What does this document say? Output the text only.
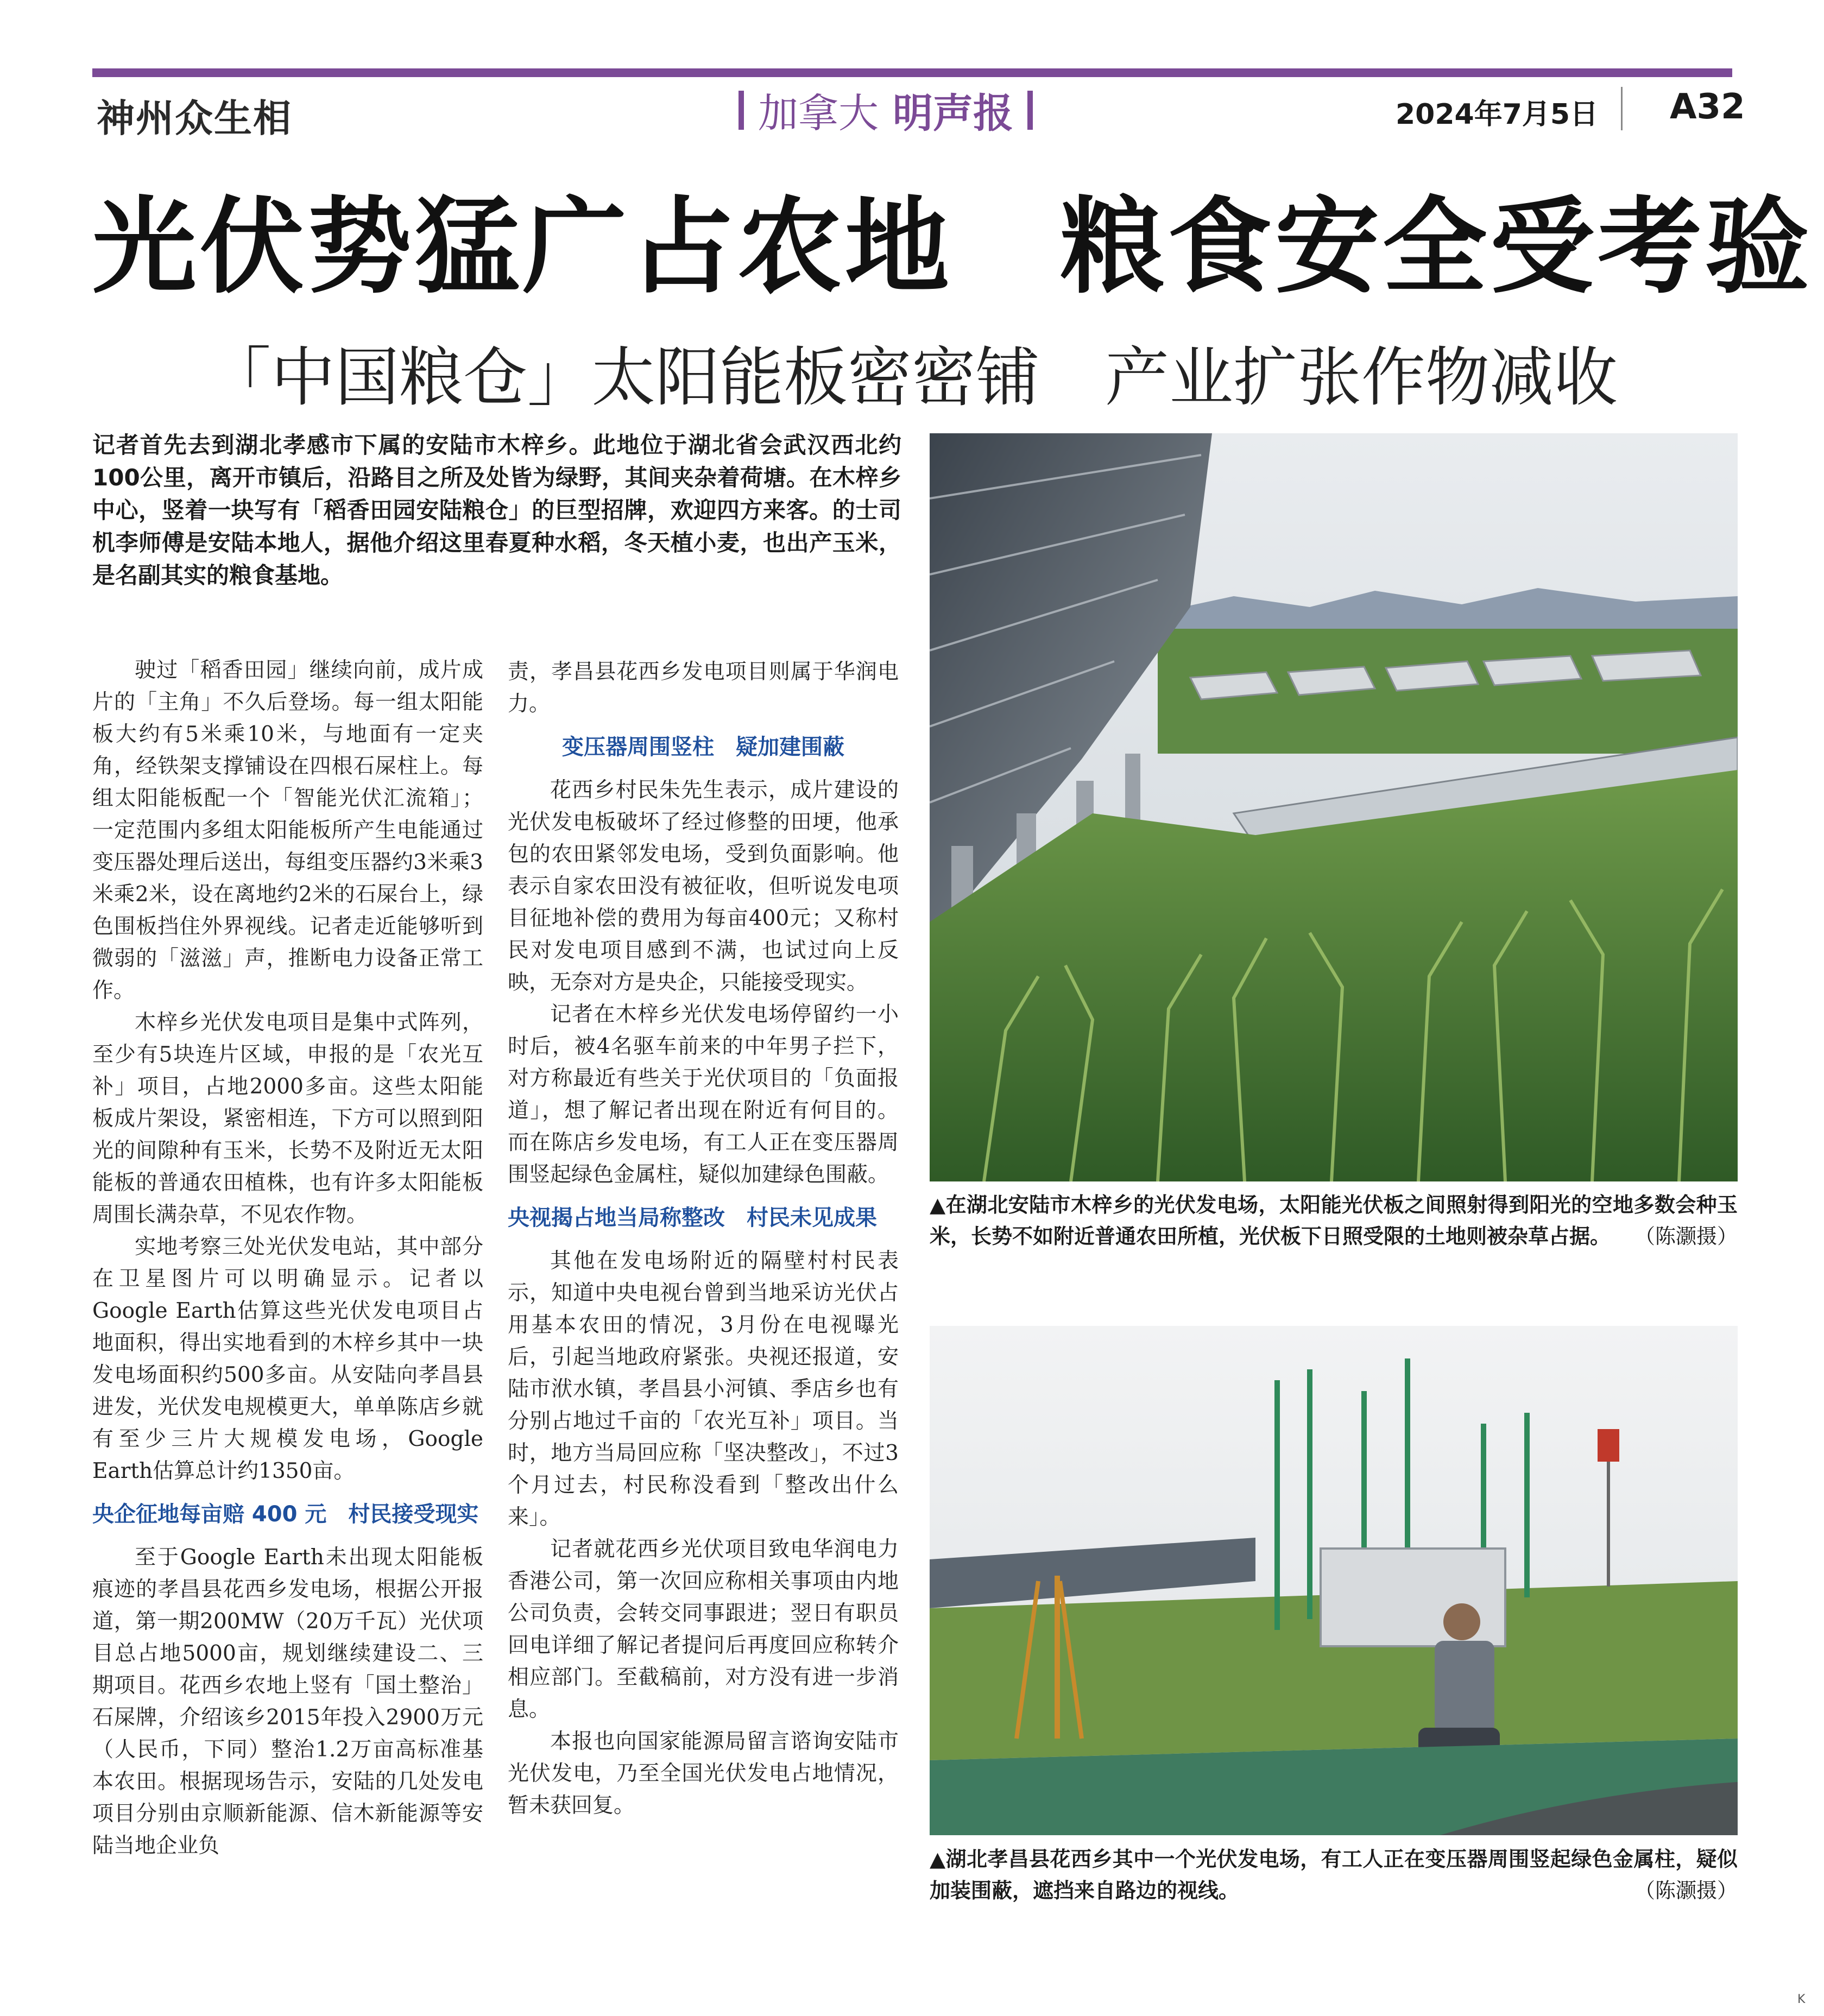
神州众生相	加拿大 明声报	2024年7月5日 A32
光伏势猛广占农地　粮食安全受考验
「中国粮仓」太阳能板密密铺 产业扩张作物减收
记者首先去到湖北孝感市下属的安陆市木梓乡。此地位于湖北省会武汉西北约100公里，离开市镇后，沿路目之所及处皆为绿野，其间夹杂着荷塘。在木梓乡中心，竖着一块写有「稻香田园安陆粮仓」的巨型招牌，欢迎四方来客。的士司机李师傅是安陆本地人，据他介绍这里春夏种水稻，冬天植小麦，也出产玉米，是名副其实的粮食基地。

驶过「稻香田园」继续向前，成片成片的「主角」不久后登场。每一组太阳能板大约有5米乘10米，与地面有一定夹角，经铁架支撑铺设在四根石屎柱上。每组太阳能板配一个「智能光伏汇流箱」；一定范围内多组太阳能板所产生电能通过变压器处理后送出，每组变压器约3米乘3米乘2米，设在离地约2米的石屎台上，绿色围板挡住外界视线。记者走近能够听到微弱的「滋滋」声，推断电力设备正常工作。

木梓乡光伏发电项目是集中式阵列，至少有5块连片区域，申报的是「农光互补」项目，占地2000多亩。这些太阳能板成片架设，紧密相连，下方可以照到阳光的间隙种有玉米，长势不及附近无太阳能板的普通农田植株，也有许多太阳能板周围长满杂草，不见农作物。

实地考察三处光伏发电站，其中部分在卫星图片可以明确显示。记者以Google Earth估算这些光伏发电项目占地面积，得出实地看到的木梓乡其中一块发电场面积约500多亩。从安陆向孝昌县进发，光伏发电规模更大，单单陈店乡就有至少三片大规模发电场，Google Earth估算总计约1350亩。

央企征地每亩赔 400 元　村民接受现实

至于Google Earth未出现太阳能板痕迹的孝昌县花西乡发电场，根据公开报道，第一期200MW（20万千瓦）光伏项目总占地5000亩，规划继续建设二、三期项目。花西乡农地上竖有「国土整治」石屎牌，介绍该乡2015年投入2900万元（人民币，下同）整治1.2万亩高标准基本农田。根据现场告示，安陆的几处发电项目分别由京顺新能源、信木新能源等安陆当地企业负

责，孝昌县花西乡发电项目则属于华润电力。

变压器周围竖柱　疑加建围蔽

花西乡村民朱先生表示，成片建设的光伏发电板破坏了经过修整的田埂，他承包的农田紧邻发电场，受到负面影响。他表示自家农田没有被征收，但听说发电项目征地补偿的费用为每亩400元；又称村民对发电项目感到不满，也试过向上反映，无奈对方是央企，只能接受现实。

记者在木梓乡光伏发电场停留约一小时后，被4名驱车前来的中年男子拦下，对方称最近有些关于光伏项目的「负面报道」，想了解记者出现在附近有何目的。而在陈店乡发电场，有工人正在变压器周围竖起绿色金属柱，疑似加建绿色围蔽。

央视揭占地当局称整改　村民未见成果

其他在发电场附近的隔壁村村民表示，知道中央电视台曾到当地采访光伏占用基本农田的情况，3月份在电视曝光后，引起当地政府紧张。央视还报道，安陆市洑水镇，孝昌县小河镇、季店乡也有分别占地过千亩的「农光互补」项目。当时，地方当局回应称「坚决整改」，不过3个月过去，村民称没看到「整改出什么来」。

记者就花西乡光伏项目致电华润电力香港公司，第一次回应称相关事项由内地公司负责，会转交同事跟进；翌日有职员回电详细了解记者提问后再度回应称转介相应部门。至截稿前，对方没有进一步消息。

本报也向国家能源局留言谘询安陆市光伏发电，乃至全国光伏发电占地情况，暂未获回复。

▲在湖北安陆市木梓乡的光伏发电场，太阳能光伏板之间照射得到阳光的空地多数会种玉米，长势不如附近普通农田所植，光伏板下日照受限的土地则被杂草占据。	（陈灏摄）
▲湖北孝昌县花西乡其中一个光伏发电场，有工人正在变压器周围竖起绿色金属柱，疑似加装围蔽，遮挡来自路边的视线。	（陈灏摄）
K
